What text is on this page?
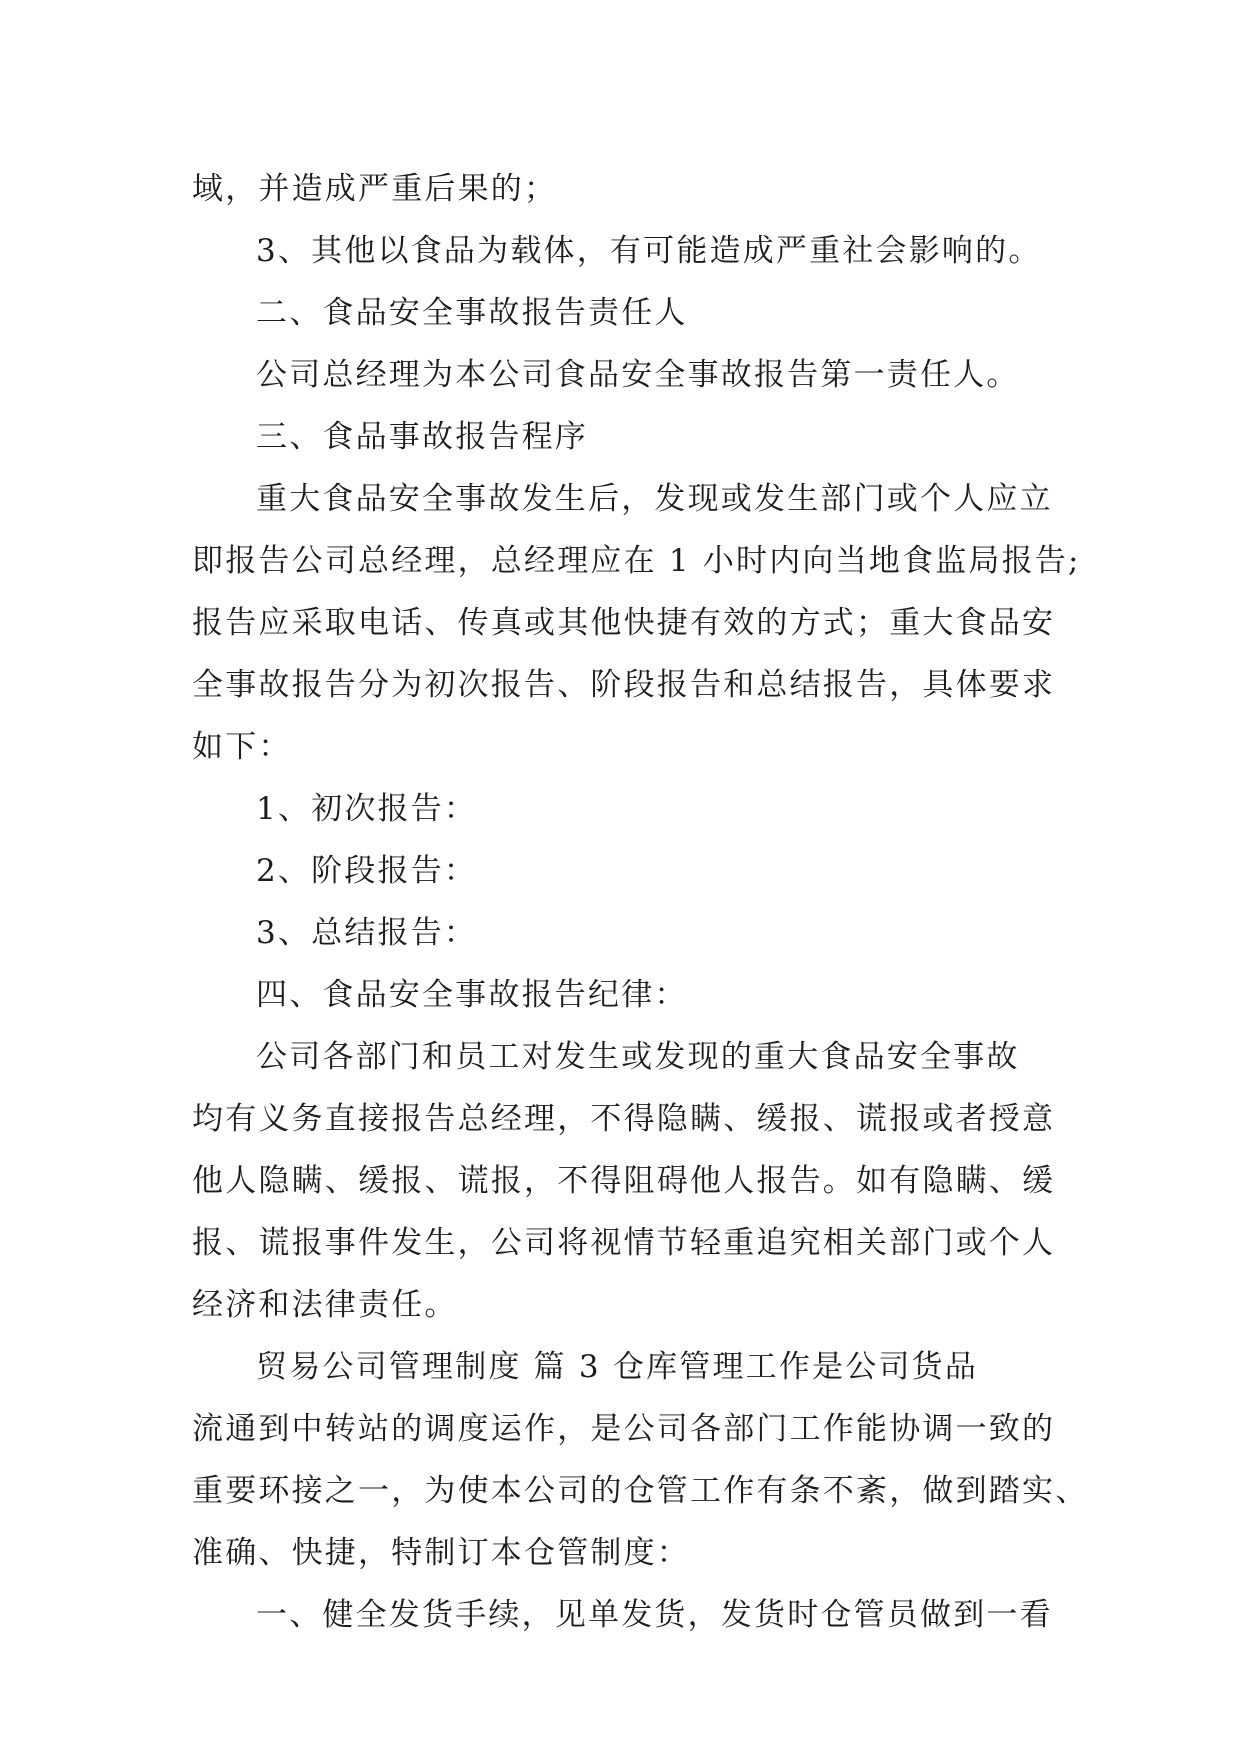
域，并造成严重后果的；
3、其他以食品为载体，有可能造成严重社会影响的。
二、食品安全事故报告责任人
公司总经理为本公司食品安全事故报告第一责任人。
三、食品事故报告程序
重大食品安全事故发生后，发现或发生部门或个人应立
即报告公司总经理，总经理应在 1 小时内向当地食监局报告;
报告应采取电话、传真或其他快捷有效的方式；重大食品安
全事故报告分为初次报告、阶段报告和总结报告，具体要求
如下：
1、初次报告：
2、阶段报告：
3、总结报告：
四、食品安全事故报告纪律：
公司各部门和员工对发生或发现的重大食品安全事故
均有义务直接报告总经理，不得隐瞒、缓报、谎报或者授意
他人隐瞒、缓报、谎报，不得阻碍他人报告。如有隐瞒、缓
报、谎报事件发生，公司将视情节轻重追究相关部门或个人
经济和法律责任。
贸易公司管理制度 篇 3 仓库管理工作是公司货品
流通到中转站的调度运作，是公司各部门工作能协调一致的
重要环接之一，为使本公司的仓管工作有条不紊，做到踏实、
准确、快捷，特制订本仓管制度：
一、健全发货手续，见单发货，发货时仓管员做到一看
